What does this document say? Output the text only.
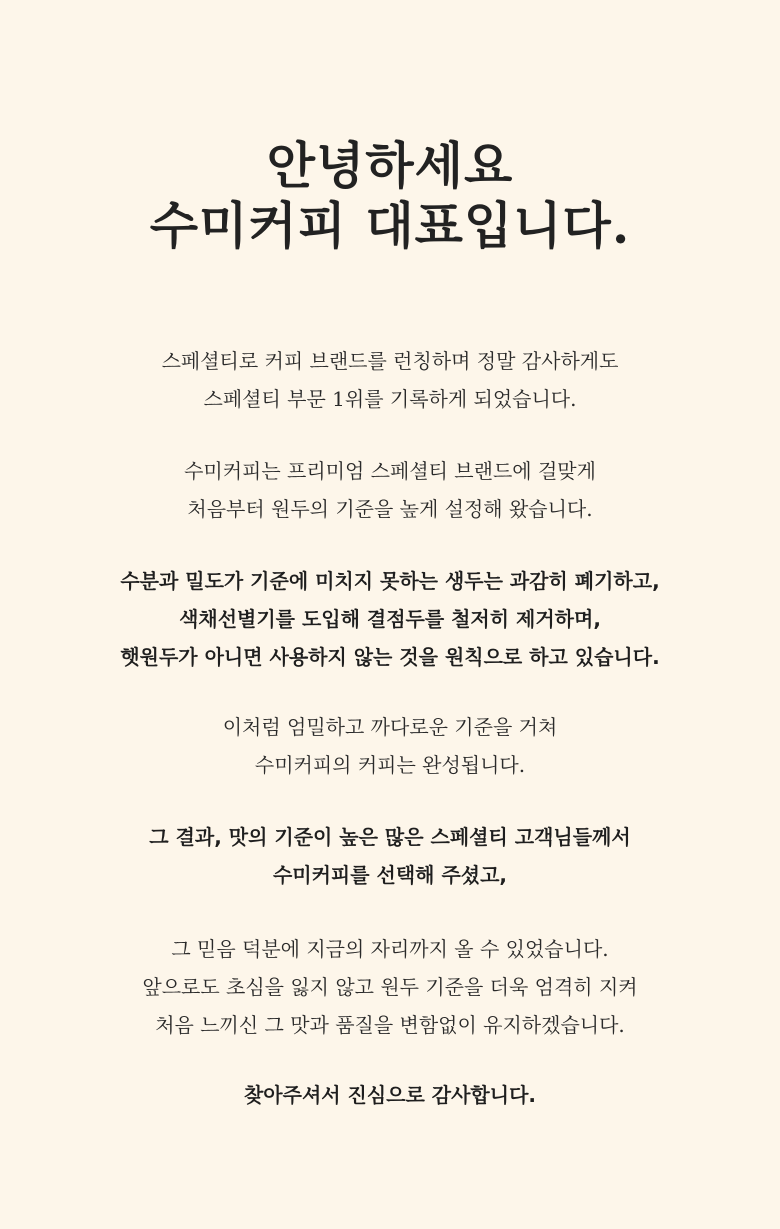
안녕하세요
수미커피 대표입니다.

스페셜티로 커피 브랜드를 런칭하며 정말 감사하게도
스페셜티 부문 1위를 기록하게 되었습니다.

수미커피는 프리미엄 스페셜티 브랜드에 걸맞게
처음부터 원두의 기준을 높게 설정해 왔습니다.

수분과 밀도가 기준에 미치지 못하는 생두는 과감히 폐기하고,
색채선별기를 도입해 결점두를 철저히 제거하며,
햇원두가 아니면 사용하지 않는 것을 원칙으로 하고 있습니다.

이처럼 엄밀하고 까다로운 기준을 거쳐
수미커피의 커피는 완성됩니다.

그 결과, 맛의 기준이 높은 많은 스페셜티 고객님들께서
수미커피를 선택해 주셨고,

그 믿음 덕분에 지금의 자리까지 올 수 있었습니다.
앞으로도 초심을 잃지 않고 원두 기준을 더욱 엄격히 지켜
처음 느끼신 그 맛과 품질을 변함없이 유지하겠습니다.

찾아주셔서 진심으로 감사합니다.
